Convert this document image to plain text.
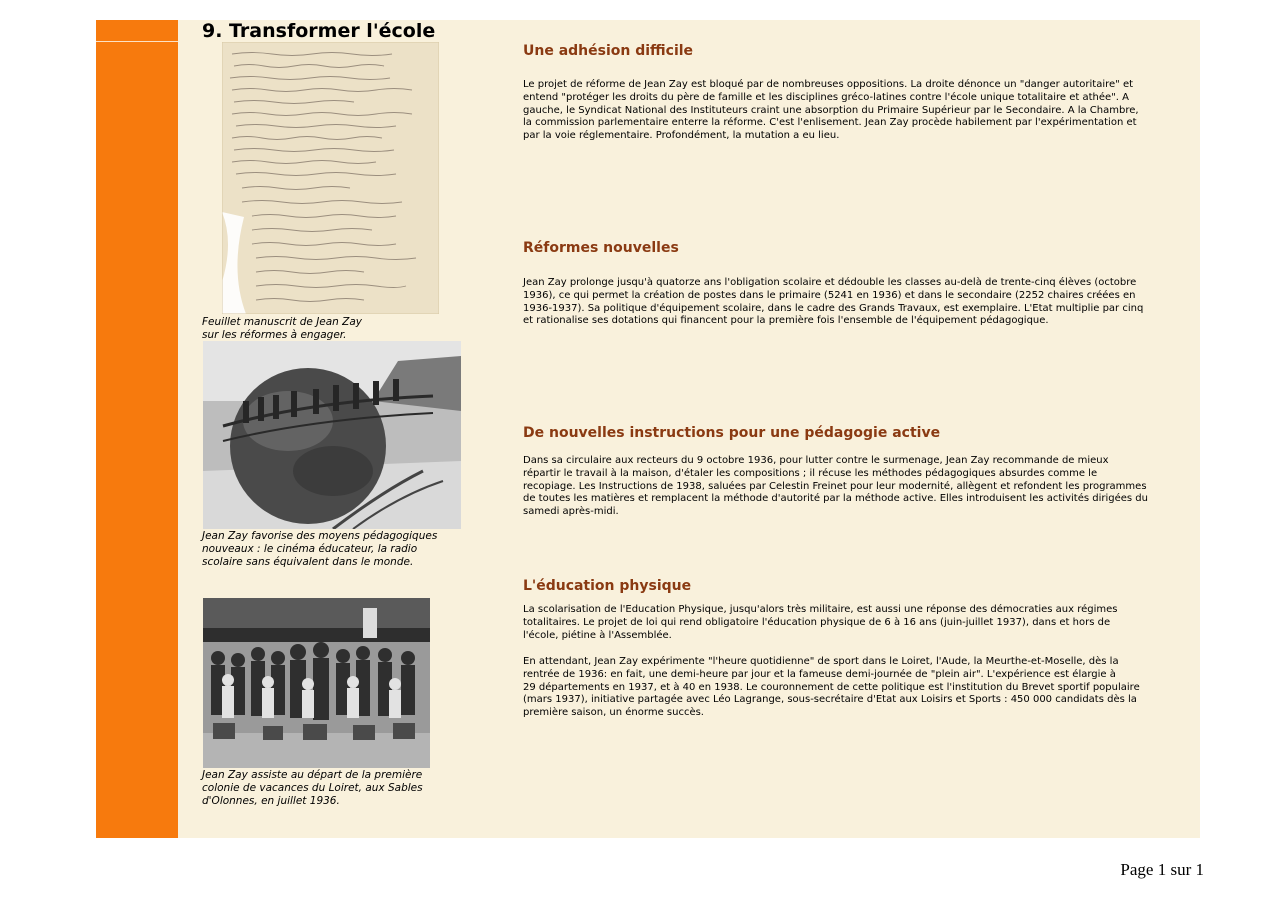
9. Transformer l'école

Feuillet manuscrit de Jean Zay
sur les réformes à engager.

Jean Zay favorise des moyens pédagogiques
nouveaux : le cinéma éducateur, la radio
scolaire sans équivalent dans le monde.

Jean Zay assiste au départ de la première
colonie de vacances du Loiret, aux Sables
d'Olonnes, en juillet 1936.

Une adhésion difficile

Le projet de réforme de Jean Zay est bloqué par de nombreuses oppositions. La droite dénonce un "danger autoritaire" et
entend "protéger les droits du père de famille et les disciplines gréco-latines contre l'école unique totalitaire et athée". A
gauche, le Syndicat National des Instituteurs craint une absorption du Primaire Supérieur par le Secondaire. A la Chambre,
la commission parlementaire enterre la réforme. C'est l'enlisement. Jean Zay procède habilement par l'expérimentation et
par la voie réglementaire. Profondément, la mutation a eu lieu.

Réformes nouvelles

Jean Zay prolonge jusqu'à quatorze ans l'obligation scolaire et dédouble les classes au-delà de trente-cinq élèves (octobre
1936), ce qui permet la création de postes dans le primaire (5241 en 1936) et dans le secondaire (2252 chaires créées en
1936-1937). Sa politique d'équipement scolaire, dans le cadre des Grands Travaux, est exemplaire. L'Etat multiplie par cinq
et rationalise ses dotations qui financent pour la première fois l'ensemble de l'équipement pédagogique.

De nouvelles instructions pour une pédagogie active

Dans sa circulaire aux recteurs du 9 octobre 1936, pour lutter contre le surmenage, Jean Zay recommande de mieux
répartir le travail à la maison, d'étaler les compositions ; il récuse les méthodes pédagogiques absurdes comme le
recopiage. Les Instructions de 1938, saluées par Celestin Freinet pour leur modernité, allègent et refondent les programmes
de toutes les matières et remplacent la méthode d'autorité par la méthode active. Elles introduisent les activités dirigées du
samedi après-midi.

L'éducation physique

La scolarisation de l'Education Physique, jusqu'alors très militaire, est aussi une réponse des démocraties aux régimes
totalitaires. Le projet de loi qui rend obligatoire l'éducation physique de 6 à 16 ans (juin-juillet 1937), dans et hors de
l'école, piétine à l'Assemblée.

En attendant, Jean Zay expérimente "l'heure quotidienne" de sport dans le Loiret, l'Aude, la Meurthe-et-Moselle, dès la
rentrée de 1936: en fait, une demi-heure par jour et la fameuse demi-journée de "plein air". L'expérience est élargie à
29 départements en 1937, et à 40 en 1938. Le couronnement de cette politique est l'institution du Brevet sportif populaire
(mars 1937), initiative partagée avec Léo Lagrange, sous-secrétaire d'Etat aux Loisirs et Sports : 450 000 candidats dès la
première saison, un énorme succès.

Page 1 sur 1
